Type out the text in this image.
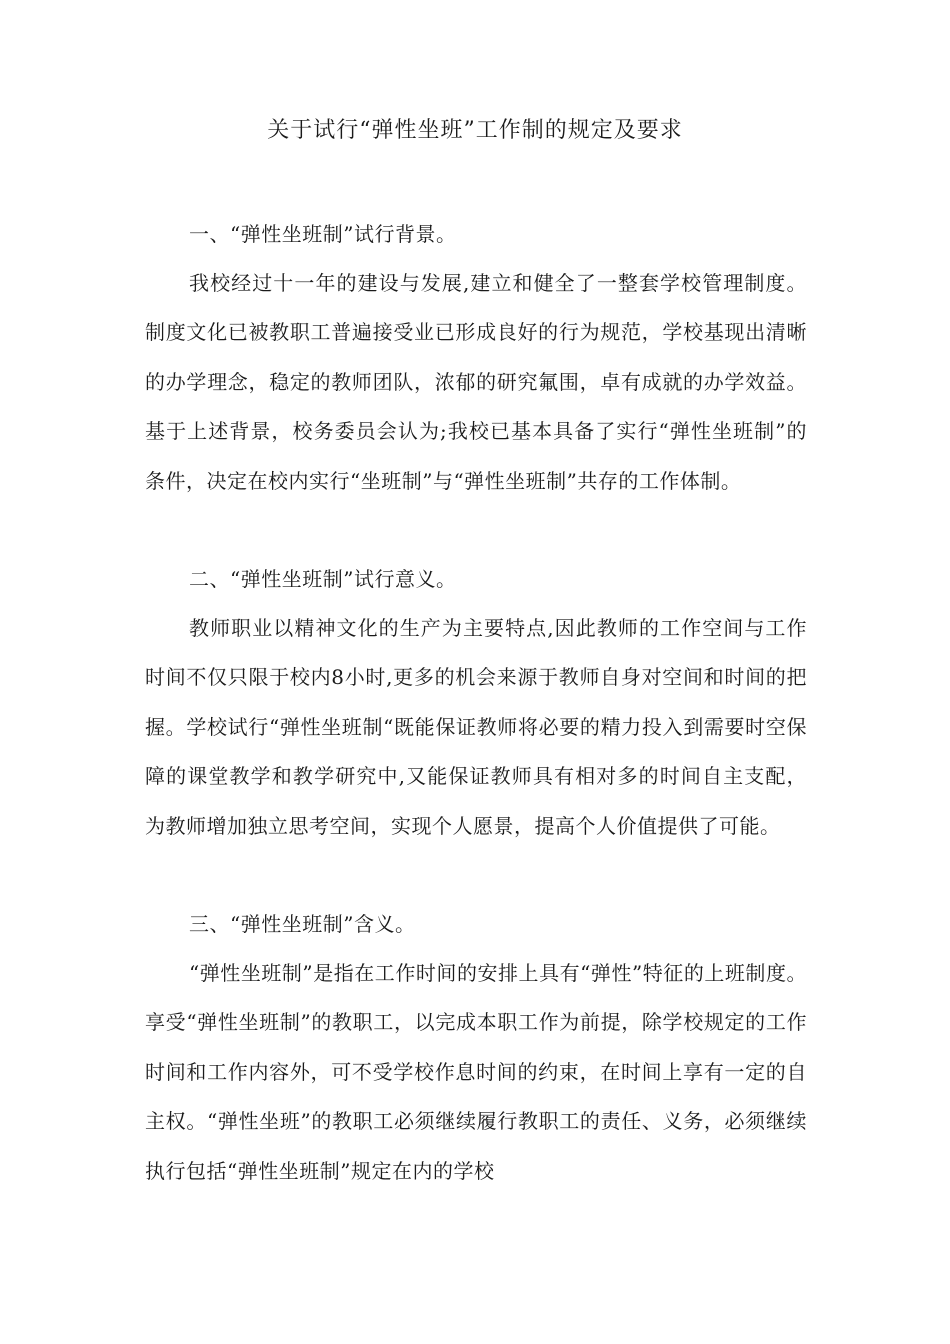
关于试行“弹性坐班”工作制的规定及要求

一、“弹性坐班制”试行背景。

我校经过十一年的建设与发展,建立和健全了一整套学校管理制度。制度文化已被教职工普遍接受业已形成良好的行为规范，学校基现出清晰的办学理念，稳定的教师团队，浓郁的研究氟围，卓有成就的办学效益。基于上述背景，校务委员会认为;我校已基本具备了实行“弹性坐班制”的条件，决定在校内实行“坐班制”与“弹性坐班制”共存的工作体制。

二、“弹性坐班制”试行意义。

教师职业以精神文化的生产为主要特点,因此教师的工作空间与工作时间不仅只限于校内8小时,更多的机会来源于教师自身对空间和时间的把握。学校试行“弹性坐班制“既能保证教师将必要的精力投入到需要时空保障的课堂教学和教学研究中,又能保证教师具有相对多的时间自主支配，为教师增加独立思考空间，实现个人愿景，提高个人价值提供了可能。

三、“弹性坐班制”含义。

“弹性坐班制”是指在工作时间的安排上具有“弹性”特征的上班制度。享受“弹性坐班制”的教职工，以完成本职工作为前提，除学校规定的工作时间和工作内容外，可不受学校作息时间的约束，在时间上享有一定的自主权。“弹性坐班”的教职工必须继续履行教职工的责任、义务，必须继续执行包括“弹性坐班制”规定在内的学校
